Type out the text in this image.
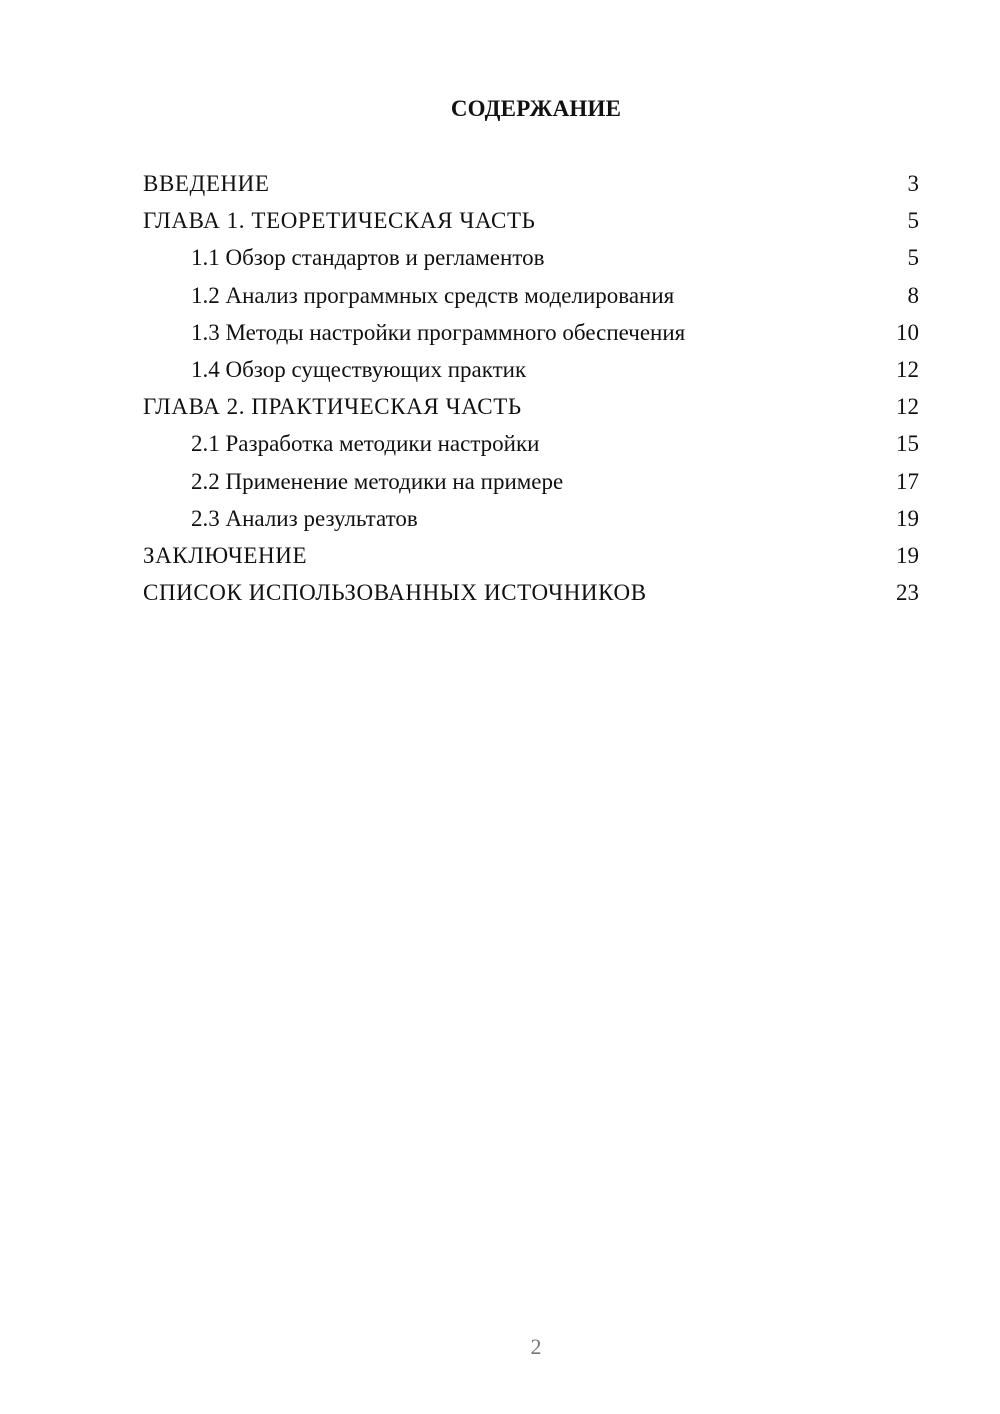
СОДЕРЖАНИЕ
ВВЕДЕНИЕ	3
ГЛАВА 1. ТЕОРЕТИЧЕСКАЯ ЧАСТЬ	5
1.1 Обзор стандартов и регламентов	5
1.2 Анализ программных средств моделирования	8
1.3 Методы настройки программного обеспечения	10
1.4 Обзор существующих практик	12
ГЛАВА 2. ПРАКТИЧЕСКАЯ ЧАСТЬ	12
2.1 Разработка методики настройки	15
2.2 Применение методики на примере	17
2.3 Анализ результатов	19
ЗАКЛЮЧЕНИЕ	19
СПИСОК ИСПОЛЬЗОВАННЫХ ИСТОЧНИКОВ	23
2
